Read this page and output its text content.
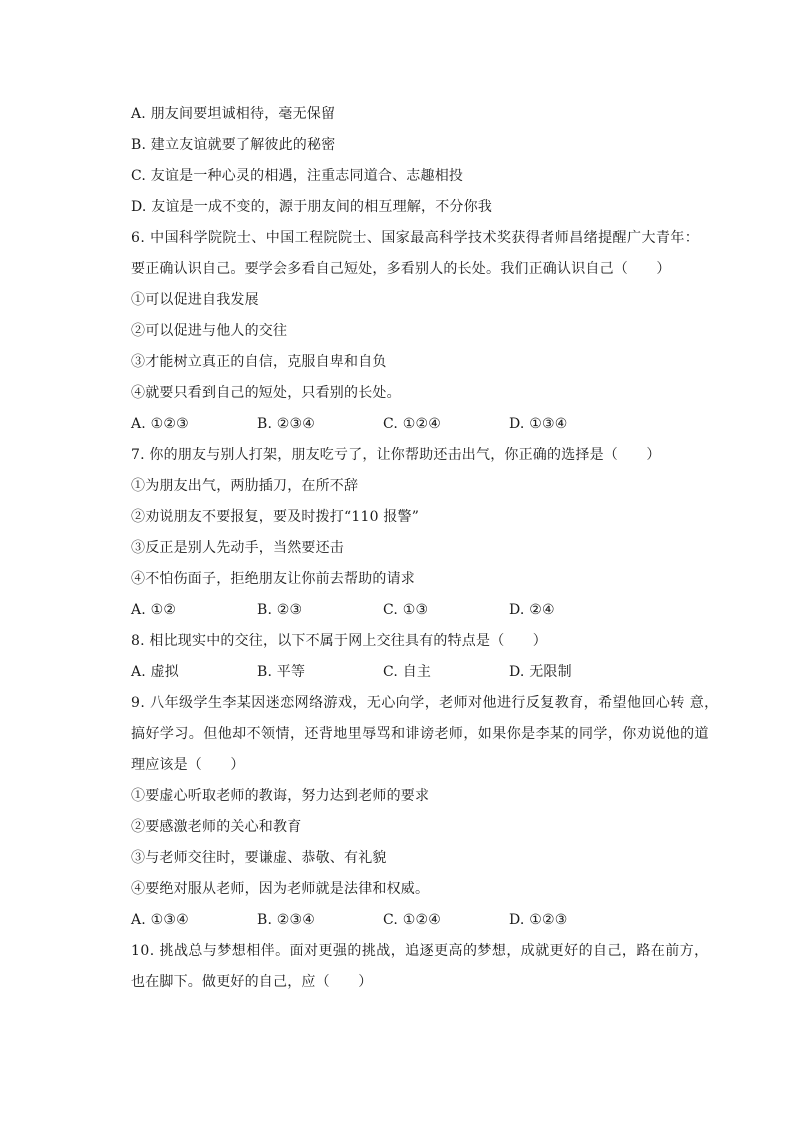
A. 朋友间要坦诚相待，毫无保留
B. 建立友谊就要了解彼此的秘密
C. 友谊是一种心灵的相遇，注重志同道合、志趣相投
D. 友谊是一成不变的，源于朋友间的相互理解，不分你我
6. 中国科学院院士、中国工程院院士、国家最高科学技术奖获得者师昌绪提醒广大青年：
要正确认识自己。要学会多看自己短处，多看别人的长处。我们正确认识自己（　　）
①可以促进自我发展
②可以促进与他人的交往
③才能树立真正的自信，克服自卑和自负
④就要只看到自己的短处，只看别的长处。
A. ①②③	B. ②③④	C. ①②④	D. ①③④
7. 你的朋友与别人打架，朋友吃亏了，让你帮助还击出气，你正确的选择是（　　）
①为朋友出气，两肋插刀，在所不辞
②劝说朋友不要报复，要及时拨打“110 报警”
③反正是别人先动手，当然要还击
④不怕伤面子，拒绝朋友让你前去帮助的请求
A. ①②	B. ②③	C. ①③	D. ②④
8. 相比现实中的交往，以下不属于网上交往具有的特点是（　　）
A. 虚拟	B. 平等	C. 自主	D. 无限制
9. 八年级学生李某因迷恋网络游戏，无心向学，老师对他进行反复教育，希望他回心转 意，
搞好学习。但他却不领情，还背地里辱骂和诽谤老师，如果你是李某的同学，你劝说他的道
理应该是（　　）
①要虚心听取老师的教诲，努力达到老师的要求
②要感激老师的关心和教育
③与老师交往时，要谦虚、恭敬、有礼貌
④要绝对服从老师，因为老师就是法律和权威。
A. ①③④	B. ②③④	C. ①②④	D. ①②③
10. 挑战总与梦想相伴。面对更强的挑战，追逐更高的梦想，成就更好的自己，路在前方，
也在脚下。做更好的自己，应（　　）
